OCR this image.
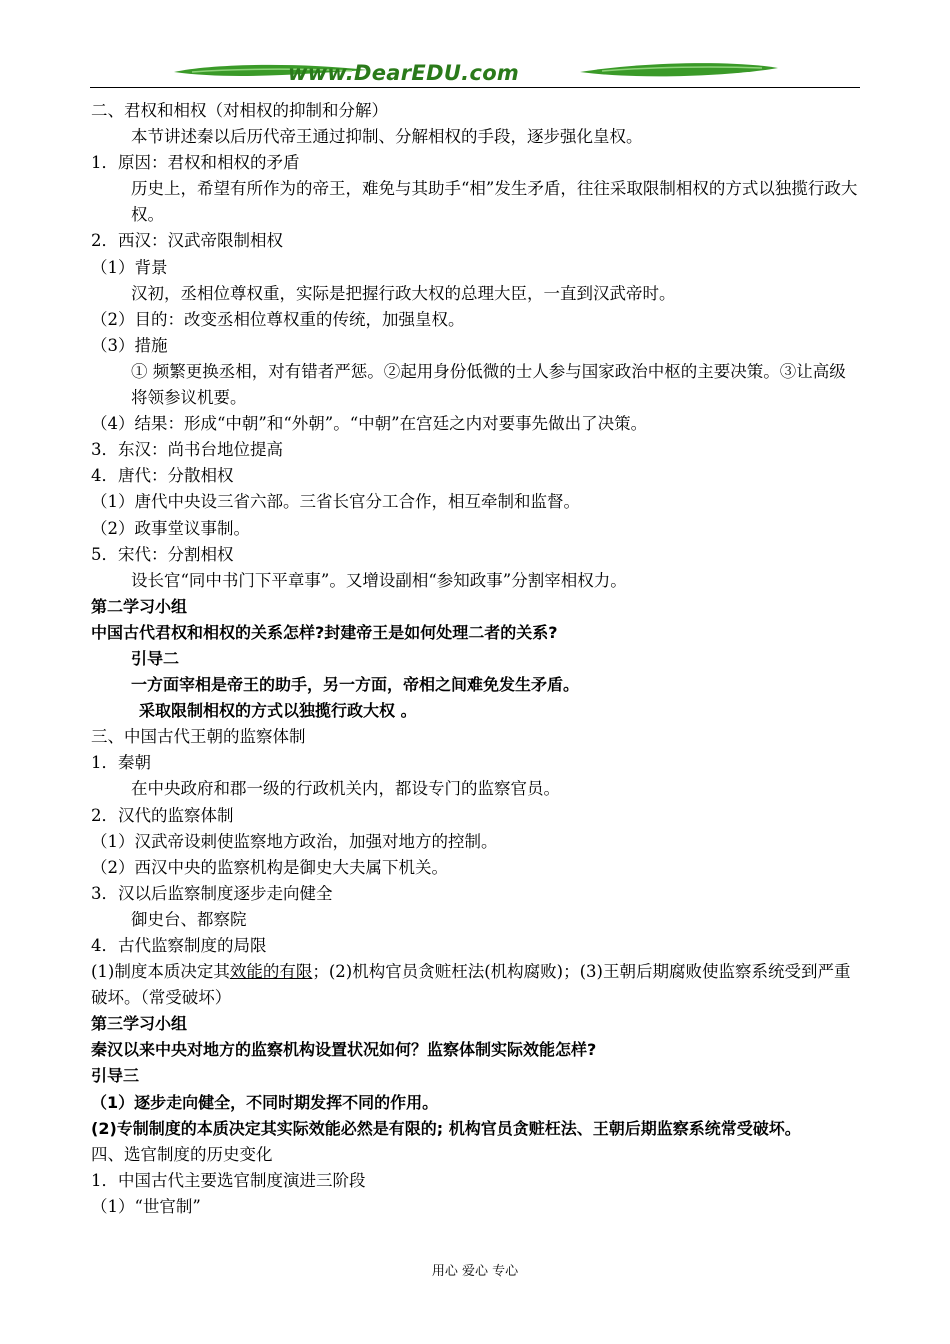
www.DearEDU.com
二、君权和相权（对相权的抑制和分解）
本节讲述秦以后历代帝王通过抑制、分解相权的手段，逐步强化皇权。
1．原因：君权和相权的矛盾
历史上，希望有所作为的帝王，难免与其助手“相”发生矛盾，往往采取限制相权的方式以独揽行政大权。
2．西汉：汉武帝限制相权
（1）背景
汉初，丞相位尊权重，实际是把握行政大权的总理大臣，一直到汉武帝时。
（2）目的：改变丞相位尊权重的传统，加强皇权。
（3）措施
① 频繁更换丞相，对有错者严惩。②起用身份低微的士人参与国家政治中枢的主要决策。③让高级将领参议机要。
（4）结果：形成“中朝”和“外朝”。“中朝”在宫廷之内对要事先做出了决策。
3．东汉：尚书台地位提高
4．唐代：分散相权
（1）唐代中央设三省六部。三省长官分工合作，相互牵制和监督。
（2）政事堂议事制。
5．宋代：分割相权
设长官“同中书门下平章事”。又增设副相“参知政事”分割宰相权力。
第二学习小组
中国古代君权和相权的关系怎样?封建帝王是如何处理二者的关系?
引导二
一方面宰相是帝王的助手，另一方面，帝相之间难免发生矛盾。
采取限制相权的方式以独揽行政大权 。
三、中国古代王朝的监察体制
1．秦朝
在中央政府和郡一级的行政机关内，都设专门的监察官员。
2．汉代的监察体制
（1）汉武帝设刺使监察地方政治，加强对地方的控制。
（2）西汉中央的监察机构是御史大夫属下机关。
3．汉以后监察制度逐步走向健全
御史台、都察院
4．古代监察制度的局限
(1)制度本质决定其效能的有限；(2)机构官员贪赃枉法(机构腐败)；(3)王朝后期腐败使监察系统受到严重破坏。（常受破坏）
第三学习小组
秦汉以来中央对地方的监察机构设置状况如何？监察体制实际效能怎样?
引导三
（1）逐步走向健全，不同时期发挥不同的作用。
(2)专制制度的本质决定其实际效能必然是有限的; 机构官员贪赃枉法、王朝后期监察系统常受破坏。
四、选官制度的历史变化
1．中国古代主要选官制度演进三阶段
（1）“世官制”
用心 爱心 专心
